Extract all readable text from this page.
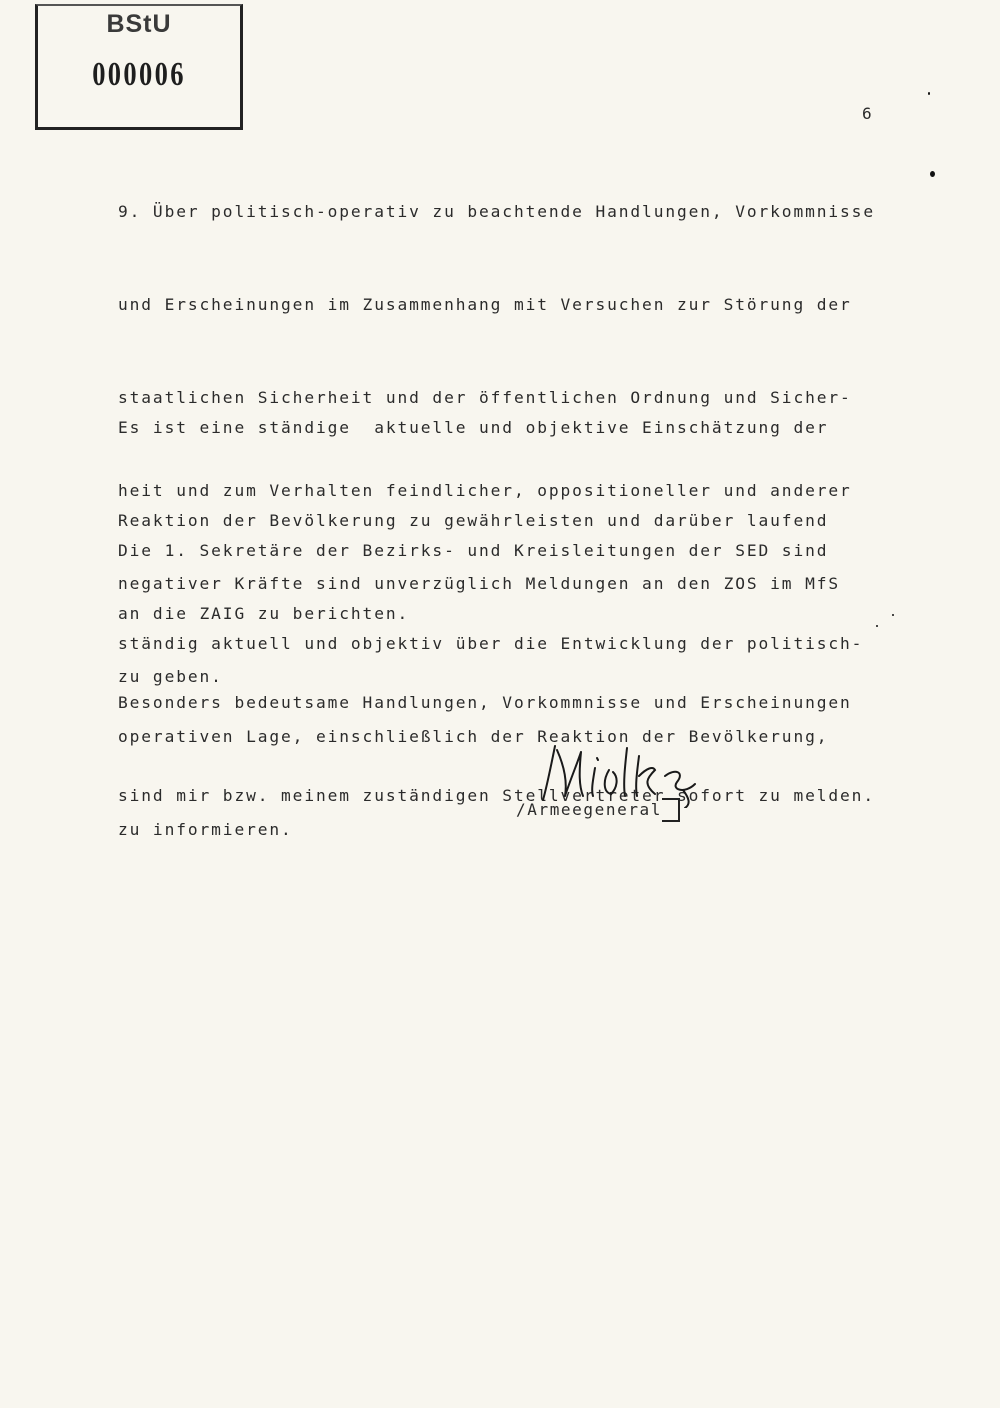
BStU
000006
6

9. Über politisch-operativ zu beachtende Handlungen, Vorkommnisse

und Erscheinungen im Zusammenhang mit Versuchen zur Störung der

staatlichen Sicherheit und der öffentlichen Ordnung und Sicher-

heit und zum Verhalten feindlicher, oppositioneller und anderer

negativer Kräfte sind unverzüglich Meldungen an den ZOS im MfS

zu geben.

Es ist eine ständige  aktuelle und objektive Einschätzung der

Reaktion der Bevölkerung zu gewährleisten und darüber laufend

an die ZAIG zu berichten.

Die 1. Sekretäre der Bezirks- und Kreisleitungen der SED sind

ständig aktuell und objektiv über die Entwicklung der politisch-

operativen Lage, einschließlich der Reaktion der Bevölkerung,

zu informieren.

Besonders bedeutsame Handlungen, Vorkommnisse und Erscheinungen

sind mir bzw. meinem zuständigen Stellvertreter sofort zu melden.

/Armeegeneral
